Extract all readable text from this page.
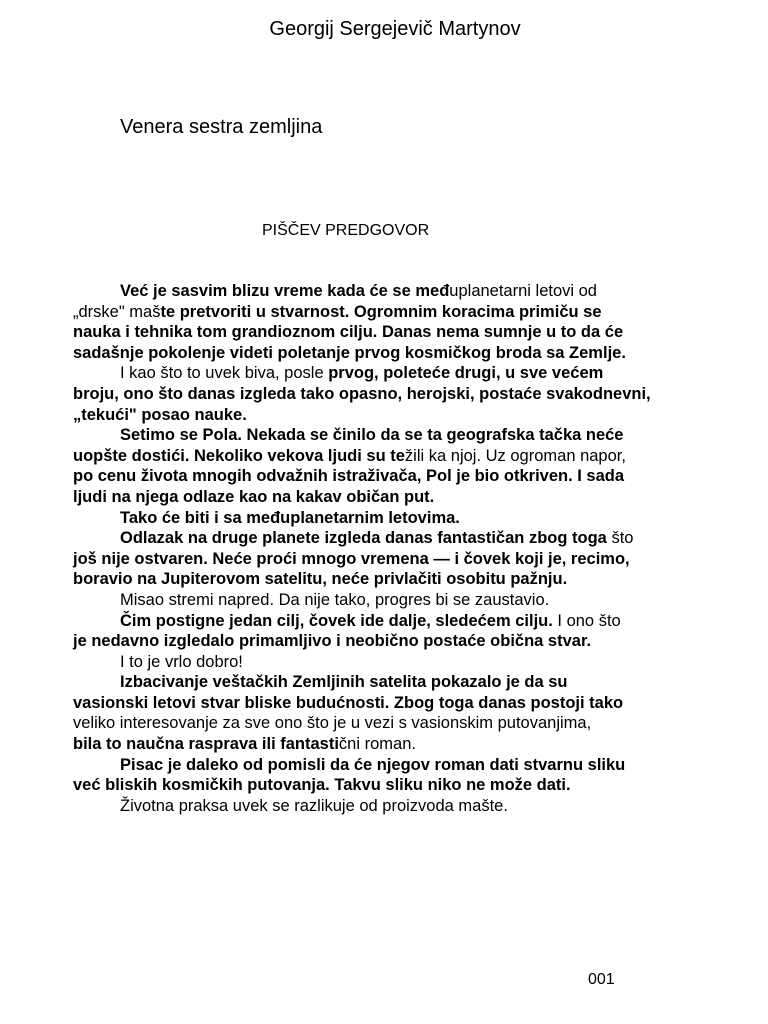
Georgij Sergejevič Martynov
Venera sestra zemljina
PIŠČEV PREDGOVOR
Već je sasvim blizu vreme kada će se međuplanetarni letovi od
„drske" mašte pretvoriti u stvarnost. Ogromnim koracima primiču se
nauka i tehnika tom grandioznom cilju. Danas nema sumnje u to da će
sadašnje pokolenje videti poletanje prvog kosmičkog broda sa Zemlje.
I kao što to uvek biva, posle prvog, poleteće drugi, u sve većem
broju, ono što danas izgleda tako opasno, herojski, postaće svakodnevni,
„tekući" posao nauke.
Setimo se Pola. Nekada se činilo da se ta geografska tačka neće
uopšte dostići. Nekoliko vekova ljudi su težili ka njoj. Uz ogroman napor,
po cenu života mnogih odvažnih istraživača, Pol je bio otkriven. I sada
ljudi na njega odlaze kao na kakav običan put.
Tako će biti i sa međuplanetarnim letovima.
Odlazak na druge planete izgleda danas fantastičan zbog toga što
još nije ostvaren. Neće proći mnogo vremena — i čovek koji je, recimo,
boravio na Jupiterovom satelitu, neće privlačiti osobitu pažnju.
Misao stremi napred. Da nije tako, progres bi se zaustavio.
Čim postigne jedan cilj, čovek ide dalje, sledećem cilju. I ono što
je nedavno izgledalo primamljivo i neobično postaće obična stvar.
I to je vrlo dobro!
Izbacivanje veštačkih Zemljinih satelita pokazalo je da su
vasionski letovi stvar bliske budućnosti. Zbog toga danas postoji tako
veliko interesovanje za sve ono što je u vezi s vasionskim putovanjima,
bila to naučna rasprava ili fantastični roman.
Pisac je daleko od pomisli da će njegov roman dati stvarnu sliku
već bliskih kosmičkih putovanja. Takvu sliku niko ne može dati.
Životna praksa uvek se razlikuje od proizvoda mašte.
001
